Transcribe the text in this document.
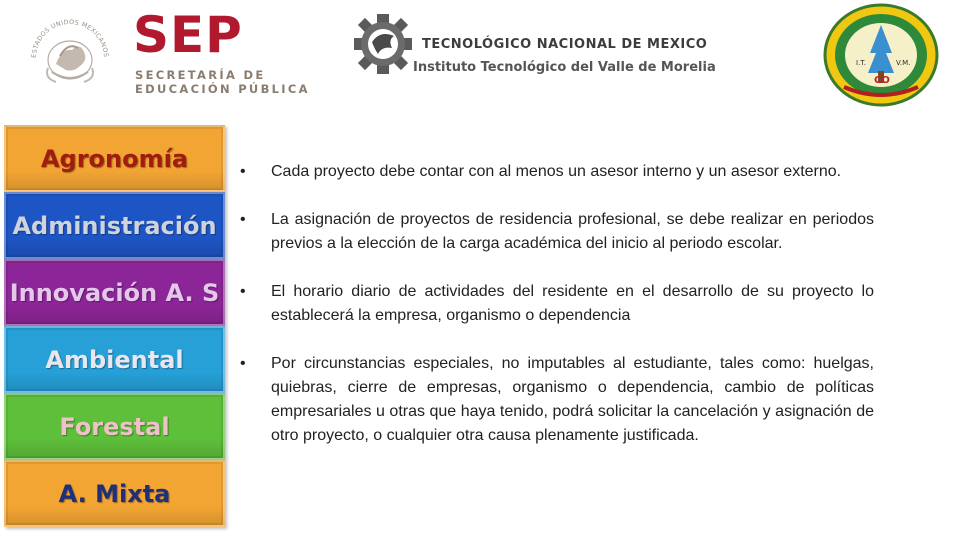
ESTADOS UNIDOS MEXICANOS SEP
SECRETARÍA DE
EDUCACIÓN PÚBLICA
TECNOLÓGICO NACIONAL DE MEXICO
Instituto Tecnológico del Valle de Morelia	I.T.	V.M.
CO
Agronomía
Administración
Innovación A. S
Ambiental
Forestal
A. Mixta
•	Cada proyecto debe contar con al menos un asesor interno y un asesor externo.
•	La asignación de proyectos de residencia profesional, se debe realizar en periodos previos a la elección de la carga académica del inicio al periodo escolar.
•	El horario diario de actividades del residente en el desarrollo de su proyecto lo establecerá la empresa, organismo o dependencia
•	Por circunstancias especiales, no imputables al estudiante, tales como: huelgas, quiebras, cierre de empresas, organismo o dependencia, cambio de políticas empresariales u otras que haya tenido, podrá solicitar la cancelación y asignación de otro proyecto, o cualquier otra causa plenamente justificada.
